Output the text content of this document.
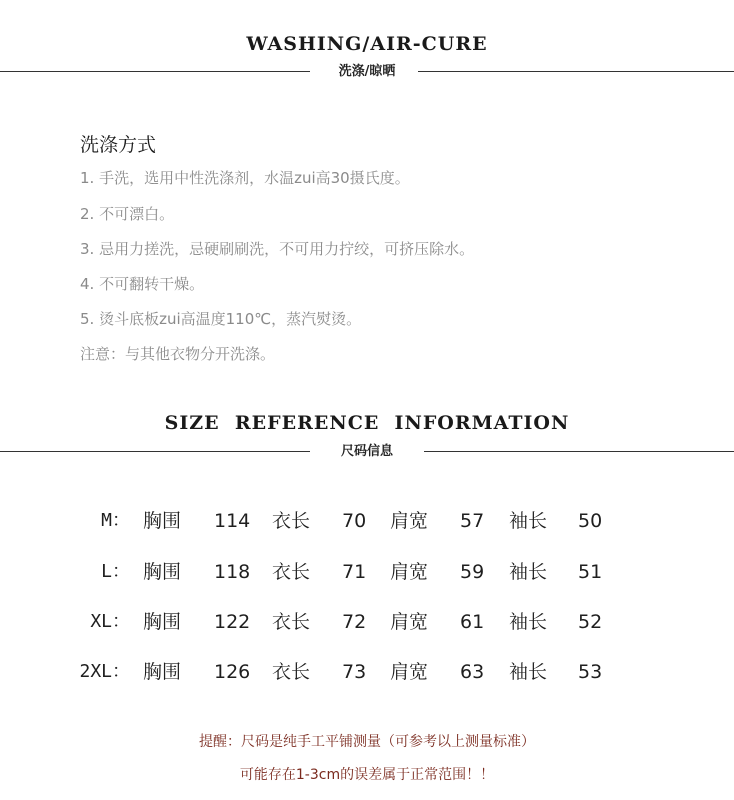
WASHING/AIR-CURE
洗涤/晾晒
洗涤方式
1. 手洗，选用中性洗涤剂，水温zui高30摄氏度。
2. 不可漂白。
3. 忌用力搓洗，忌硬刷刷洗，不可用力拧绞，可挤压除水。
4. 不可翻转干燥。
5. 烫斗底板zui高温度110℃，蒸汽熨烫。
注意：与其他衣物分开洗涤。
SIZE  REFERENCE  INFORMATION
尺码信息
M： 胸围 114 衣长 70 肩宽 57 袖长 50
L： 胸围 118 衣长 71 肩宽 59 袖长 51
XL： 胸围 122 衣长 72 肩宽 61 袖长 52
2XL： 胸围 126 衣长 73 肩宽 63 袖长 53
提醒：尺码是纯手工平铺测量（可参考以上测量标准）
可能存在1-3cm的误差属于正常范围！！
